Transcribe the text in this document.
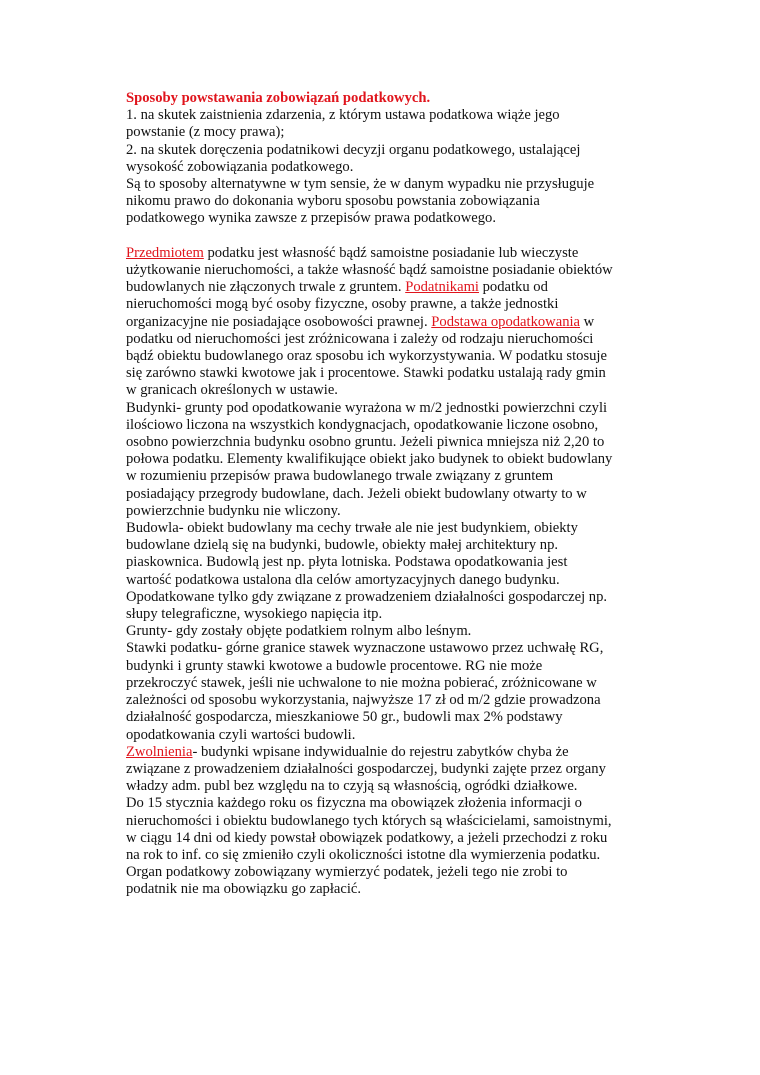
Sposoby powstawania zobowiązań podatkowych.
1. na skutek zaistnienia zdarzenia, z którym ustawa podatkowa wiąże jego
powstanie (z mocy prawa);
2. na skutek doręczenia podatnikowi decyzji organu podatkowego, ustalającej
wysokość zobowiązania podatkowego.
Są to sposoby alternatywne w tym sensie, że w danym wypadku nie przysługuje
nikomu prawo do dokonania wyboru sposobu powstania zobowiązania
podatkowego wynika zawsze z przepisów prawa podatkowego.
Przedmiotem podatku jest własność bądź samoistne posiadanie lub wieczyste
użytkowanie nieruchomości, a także własność bądź samoistne posiadanie obiektów
budowlanych nie złączonych trwale z gruntem. Podatnikami podatku od
nieruchomości mogą być osoby fizyczne, osoby prawne, a także jednostki
organizacyjne nie posiadające osobowości prawnej. Podstawa opodatkowania w
podatku od nieruchomości jest zróżnicowana i zależy od rodzaju nieruchomości
bądź obiektu budowlanego oraz sposobu ich wykorzystywania. W podatku stosuje
się zarówno stawki kwotowe jak i procentowe. Stawki podatku ustalają rady gmin
w granicach określonych w ustawie.
Budynki- grunty pod opodatkowanie wyrażona w m/2 jednostki powierzchni czyli
ilościowo liczona na wszystkich kondygnacjach, opodatkowanie liczone osobno,
osobno powierzchnia budynku osobno gruntu. Jeżeli piwnica mniejsza niż 2,20 to
połowa podatku. Elementy kwalifikujące obiekt jako budynek to obiekt budowlany
w rozumieniu przepisów prawa budowlanego trwale związany z gruntem
posiadający przegrody budowlane, dach. Jeżeli obiekt budowlany otwarty to w
powierzchnie budynku nie wliczony.
Budowla- obiekt budowlany ma cechy trwałe ale nie jest budynkiem, obiekty
budowlane dzielą się na budynki, budowle, obiekty małej architektury np.
piaskownica. Budowlą jest np. płyta lotniska. Podstawa opodatkowania jest
wartość podatkowa ustalona dla celów amortyzacyjnych danego budynku.
Opodatkowane tylko gdy związane z prowadzeniem działalności gospodarczej np.
słupy telegraficzne, wysokiego napięcia itp.
Grunty- gdy zostały objęte podatkiem rolnym albo leśnym.
Stawki podatku- górne granice stawek wyznaczone ustawowo przez uchwałę RG,
budynki i grunty stawki kwotowe a budowle procentowe. RG nie może
przekroczyć stawek, jeśli nie uchwalone to nie można pobierać, zróżnicowane w
zależności od sposobu wykorzystania, najwyższe 17 zł od m/2 gdzie prowadzona
działalność gospodarcza, mieszkaniowe 50 gr., budowli max 2% podstawy
opodatkowania czyli wartości budowli.
Zwolnienia- budynki wpisane indywidualnie do rejestru zabytków chyba że
związane z prowadzeniem działalności gospodarczej, budynki zajęte przez organy
władzy adm. publ bez względu na to czyją są własnością, ogródki działkowe.
Do 15 stycznia każdego roku os fizyczna ma obowiązek złożenia informacji o
nieruchomości i obiektu budowlanego tych których są właścicielami, samoistnymi,
w ciągu 14 dni od kiedy powstał obowiązek podatkowy, a jeżeli przechodzi z roku
na rok to inf. co się zmieniło czyli okoliczności istotne dla wymierzenia podatku.
Organ podatkowy zobowiązany wymierzyć podatek, jeżeli tego nie zrobi to
podatnik nie ma obowiązku go zapłacić.
